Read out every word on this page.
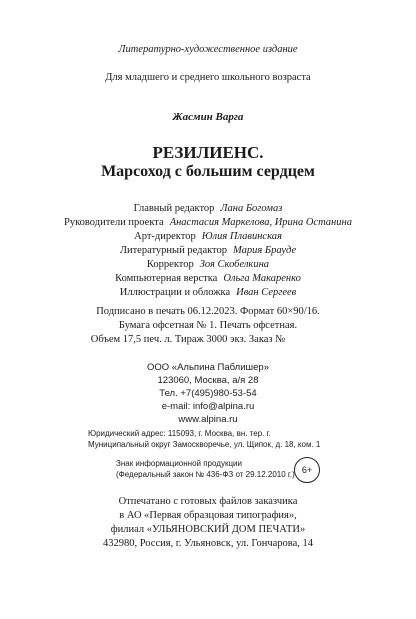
Литературно-художественное издание
Для младшего и среднего школьного возраста
Жасмин Варга
РЕЗИЛИЕНС.
Марсоход с большим сердцем
Главный редактор Лана Богомаз
Руководители проекта Анастасия Маркелова, Ирина Останина
Арт-директор Юлия Плавинская
Литературный редактор Мария Брауде
Корректор Зоя Скобелкина
Компьютерная верстка Ольга Макаренко
Иллюстрации и обложка Иван Сергеев
Подписано в печать 06.12.2023. Формат 60×90/16.
Бумага офсетная № 1. Печать офсетная.
Объем 17,5 печ. л. Тираж 3000 экз. Заказ №
ООО «Альпина Паблишер»
123060, Москва, а/я 28
Тел. +7(495)980-53-54
e-mail: info@alpina.ru
www.alpina.ru
Юридический адрес: 115093, г. Москва, вн. тер. г. Муниципальный округ Замоскворечье, ул. Щипок, д. 18, ком. 1
Знак информационной продукции
(Федеральный закон № 436-ФЗ от 29.12.2010 г.) 6+
Отпечатано с готовых файлов заказчика
в АО «Первая образцовая типография»,
филиал «УЛЬЯНОВСКИЙ ДОМ ПЕЧАТИ»
432980, Россия, г. Ульяновск, ул. Гончарова, 14
